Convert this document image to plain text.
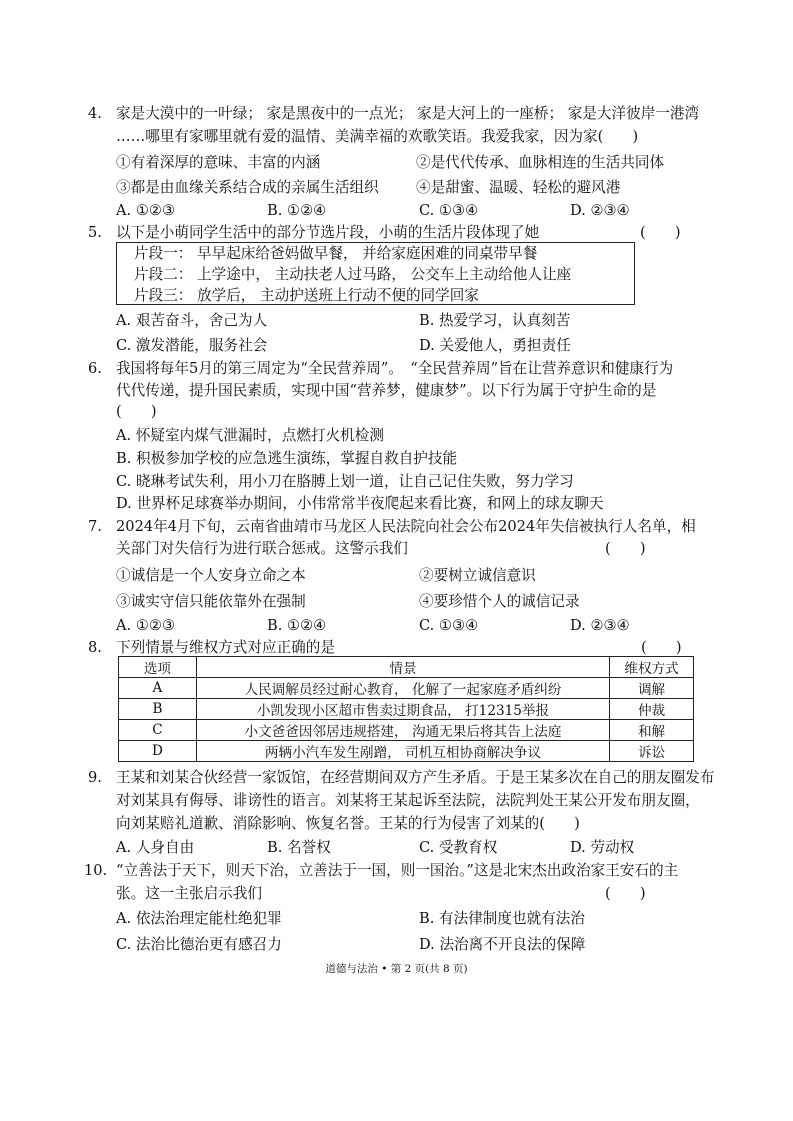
4. 家是大漠中的一叶绿； 家是黑夜中的一点光； 家是大河上的一座桥； 家是大洋彼岸一港湾
……哪里有家哪里就有爱的温情、美满幸福的欢歌笑语。我爱我家，因为家(　　)
①有着深厚的意味、丰富的内涵	②是代代传承、血脉相连的生活共同体
③都是由血缘关系结合成的亲属生活组织	④是甜蜜、温暖、轻松的避风港
A. ①②③	B. ①②④	C. ①③④	D. ②③④
5. 以下是小萌同学生活中的部分节选片段，小萌的生活片段体现了她	(　　)
片段一： 早早起床给爸妈做早餐， 并给家庭困难的同桌带早餐
片段二： 上学途中， 主动扶老人过马路， 公交车上主动给他人让座
片段三： 放学后， 主动护送班上行动不便的同学回家
A. 艰苦奋斗，舍己为人	B. 热爱学习，认真刻苦
C. 激发潜能，服务社会	D. 关爱他人，勇担责任
6. 我国将每年5月的第三周定为“全民营养周”。　“全民营养周”旨在让营养意识和健康行为
代代传递，提升国民素质，实现中国“营养梦，健康梦”。以下行为属于守护生命的是
(　　)
A. 怀疑室内煤气泄漏时，点燃打火机检测
B. 积极参加学校的应急逃生演练，掌握自救自护技能
C. 晓琳考试失利，用小刀在胳膊上划一道，让自己记住失败，努力学习
D. 世界杯足球赛举办期间，小伟常常半夜爬起来看比赛，和网上的球友聊天
7. 2024年4月下旬，云南省曲靖市马龙区人民法院向社会公布2024年失信被执行人名单，相
关部门对失信行为进行联合惩戒。这警示我们	(　　)
①诚信是一个人安身立命之本	②要树立诚信意识
③诚实守信只能依靠外在强制	④要珍惜个人的诚信记录
A. ①②③	B. ①②④	C. ①③④	D. ②③④
8. 下列情景与维权方式对应正确的是	(　　)
选项	情景	维权方式
A	人民调解员经过耐心教育， 化解了一起家庭矛盾纠纷	调解
B	小凯发现小区超市售卖过期食品， 打12315举报	仲裁
C	小文爸爸因邻居违规搭建， 沟通无果后将其告上法庭	和解
D	两辆小汽车发生剐蹭， 司机互相协商解决争议	诉讼
9. 王某和刘某合伙经营一家饭馆，在经营期间双方产生矛盾。于是王某多次在自己的朋友圈发布
对刘某具有侮辱、诽谤性的语言。刘某将王某起诉至法院，法院判处王某公开发布朋友圈，
向刘某赔礼道歉、消除影响、恢复名誉。王某的行为侵害了刘某的(　　)
A. 人身自由	B. 名誉权	C. 受教育权	D. 劳动权
10. “立善法于天下，则天下治，立善法于一国，则一国治。”这是北宋杰出政治家王安石的主
张。这一主张启示我们	(　　)
A. 依法治理定能杜绝犯罪	B. 有法律制度也就有法治
C. 法治比德治更有感召力	D. 法治离不开良法的保障
道德与法治 • 第 2 页(共 8 页)
